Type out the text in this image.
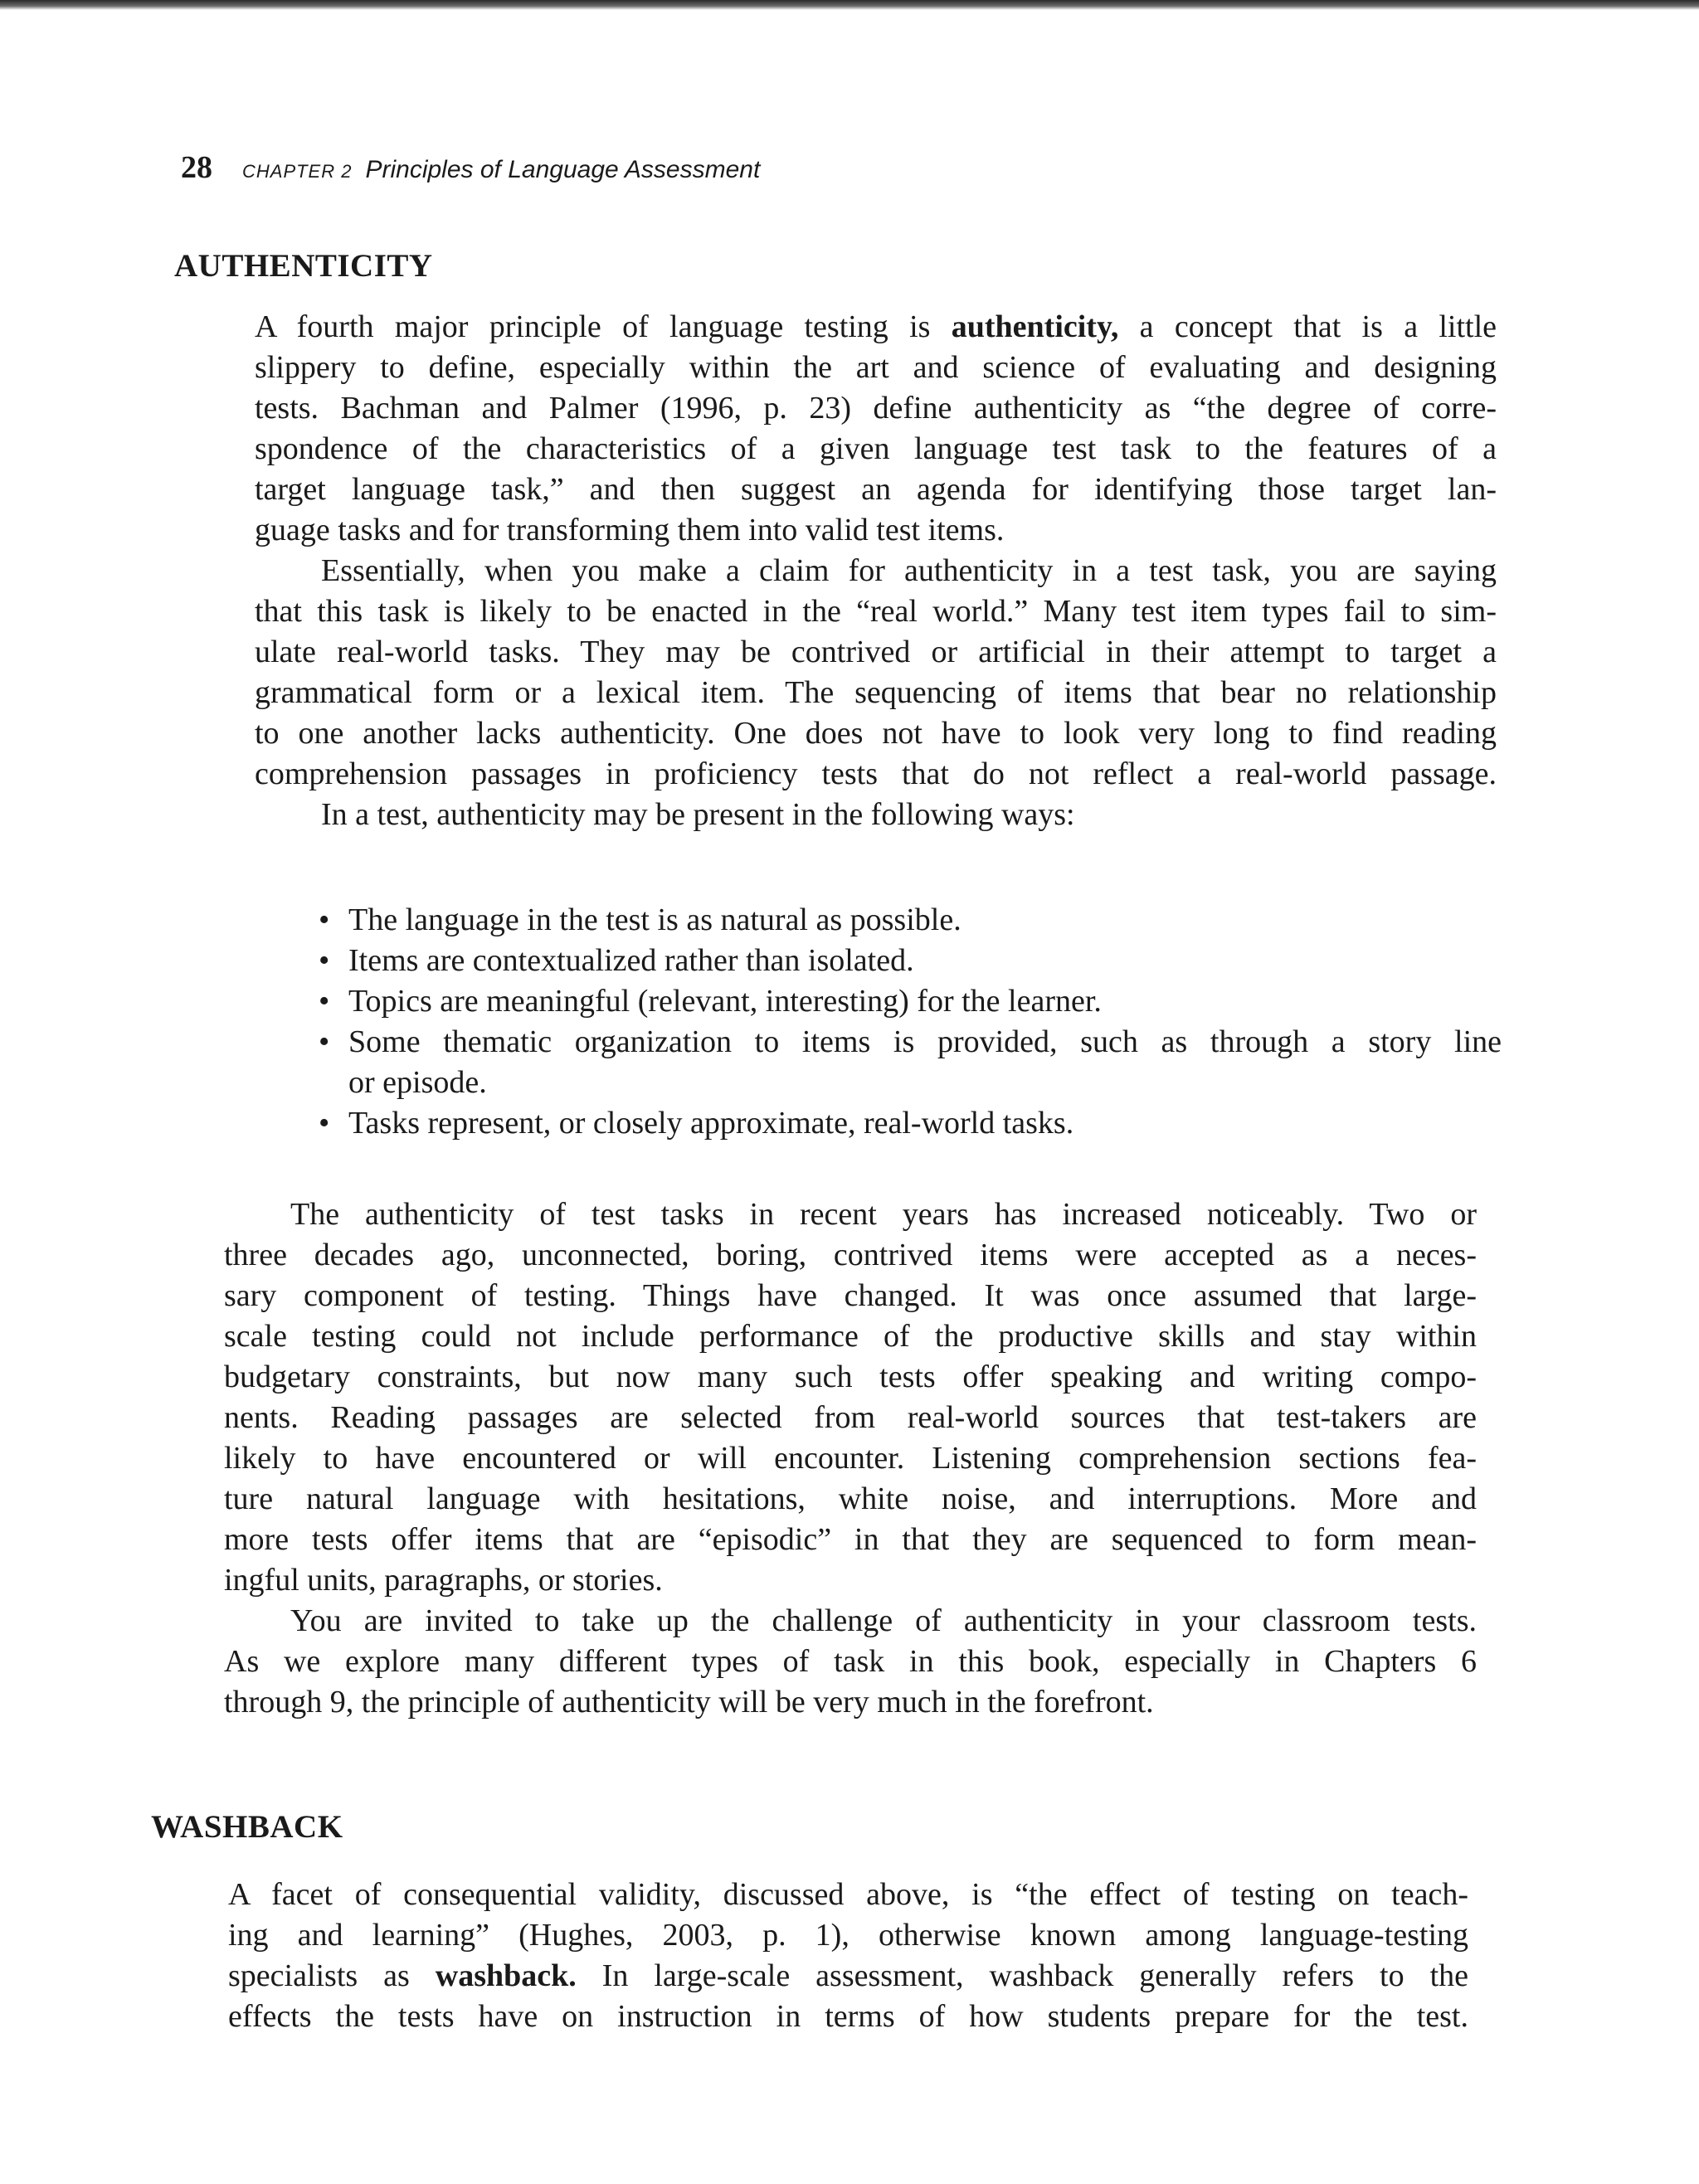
28 CHAPTER 2 Principles of Language Assessment
AUTHENTICITY
A fourth major principle of language testing is authenticity, a concept that is a little
slippery to define, especially within the art and science of evaluating and designing
tests. Bachman and Palmer (1996, p. 23) define authenticity as “the degree of corre-
spondence of the characteristics of a given language test task to the features of a
target language task,” and then suggest an agenda for identifying those target lan-
guage tasks and for transforming them into valid test items.
Essentially, when you make a claim for authenticity in a test task, you are saying
that this task is likely to be enacted in the “real world.” Many test item types fail to sim-
ulate real-world tasks. They may be contrived or artificial in their attempt to target a
grammatical form or a lexical item. The sequencing of items that bear no relationship
to one another lacks authenticity. One does not have to look very long to find reading
comprehension passages in proficiency tests that do not reflect a real-world passage.
In a test, authenticity may be present in the following ways:
• The language in the test is as natural as possible.
• Items are contextualized rather than isolated.
• Topics are meaningful (relevant, interesting) for the learner.
• Some thematic organization to items is provided, such as through a story line
or episode.
• Tasks represent, or closely approximate, real-world tasks.
The authenticity of test tasks in recent years has increased noticeably. Two or
three decades ago, unconnected, boring, contrived items were accepted as a neces-
sary component of testing. Things have changed. It was once assumed that large-
scale testing could not include performance of the productive skills and stay within
budgetary constraints, but now many such tests offer speaking and writing compo-
nents. Reading passages are selected from real-world sources that test-takers are
likely to have encountered or will encounter. Listening comprehension sections fea-
ture natural language with hesitations, white noise, and interruptions. More and
more tests offer items that are “episodic” in that they are sequenced to form mean-
ingful units, paragraphs, or stories.
You are invited to take up the challenge of authenticity in your classroom tests.
As we explore many different types of task in this book, especially in Chapters 6
through 9, the principle of authenticity will be very much in the forefront.
WASHBACK
A facet of consequential validity, discussed above, is “the effect of testing on teach-
ing and learning” (Hughes, 2003, p. 1), otherwise known among language-testing
specialists as washback. In large-scale assessment, washback generally refers to the
effects the tests have on instruction in terms of how students prepare for the test.
